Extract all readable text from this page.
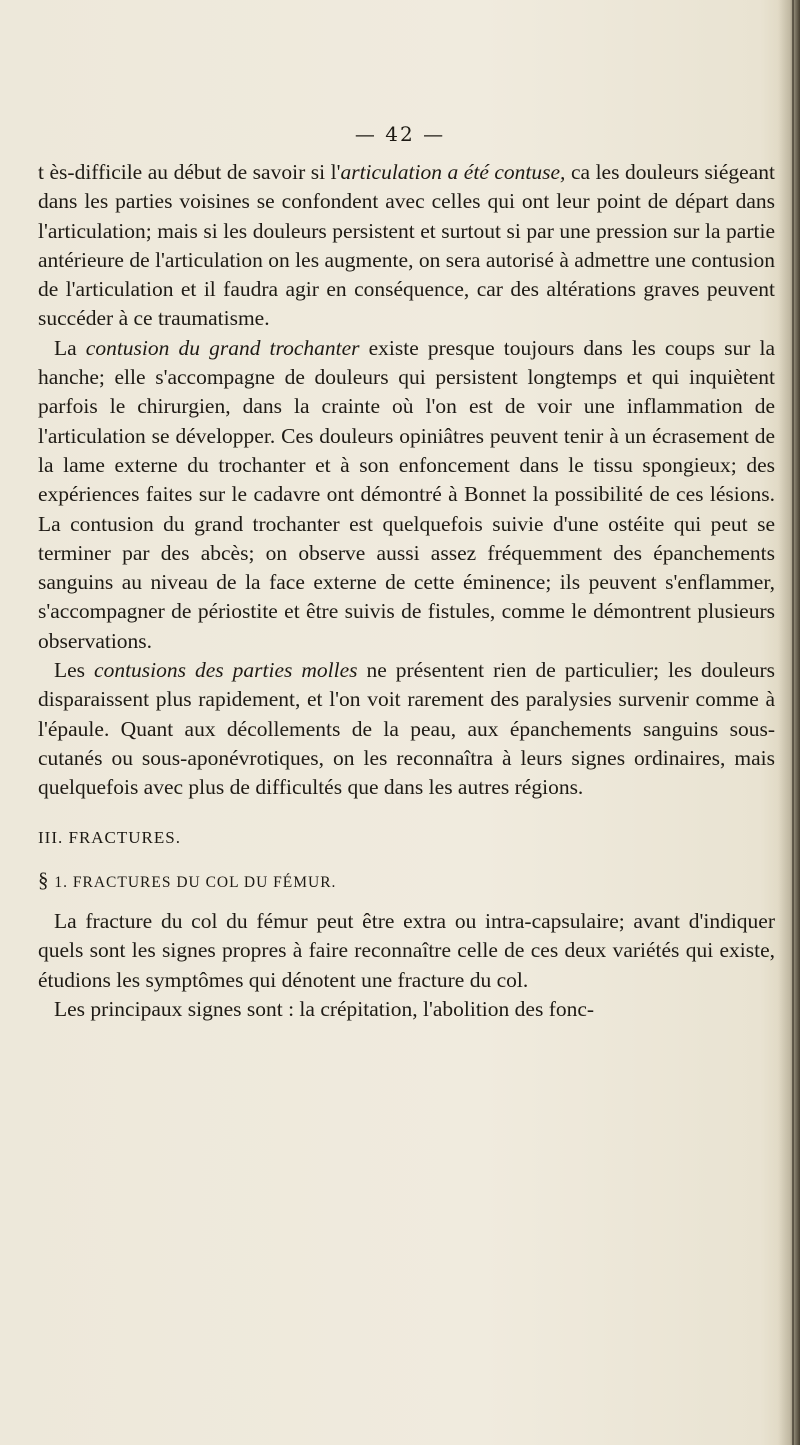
— 42 —

t ès-difficile au début de savoir si l'articulation a été contuse, ca les douleurs siégeant dans les parties voisines se confondent avec celles qui ont leur point de départ dans l'articulation; mais si les douleurs persistent et surtout si par une pression sur la partie antérieure de l'articulation on les augmente, on sera autorisé à admettre une contusion de l'articulation et il faudra agir en conséquence, car des altérations graves peuvent succéder à ce traumatisme.

La contusion du grand trochanter existe presque toujours dans les coups sur la hanche; elle s'accompagne de douleurs qui persistent longtemps et qui inquiètent parfois le chirurgien, dans la crainte où l'on est de voir une inflammation de l'articulation se développer. Ces douleurs opiniâtres peuvent tenir à un écrasement de la lame externe du trochanter et à son enfoncement dans le tissu spongieux; des expériences faites sur le cadavre ont démontré à Bonnet la possibilité de ces lésions. La contusion du grand trochanter est quelquefois suivie d'une ostéite qui peut se terminer par des abcès; on observe aussi assez fréquemment des épanchements sanguins au niveau de la face externe de cette éminence; ils peuvent s'enflammer, s'accompagner de périostite et être suivis de fistules, comme le démontrent plusieurs observations.

Les contusions des parties molles ne présentent rien de particulier; les douleurs disparaissent plus rapidement, et l'on voit rarement des paralysies survenir comme à l'épaule. Quant aux décollements de la peau, aux épanchements sanguins sous-cutanés ou sous-aponévrotiques, on les reconnaîtra à leurs signes ordinaires, mais quelquefois avec plus de difficultés que dans les autres régions.

III. FRACTURES.

§ 1. FRACTURES DU COL DU FÉMUR.

La fracture du col du fémur peut être extra ou intra-capsulaire; avant d'indiquer quels sont les signes propres à faire reconnaître celle de ces deux variétés qui existe, étudions les symptômes qui dénotent une fracture du col.

Les principaux signes sont : la crépitation, l'abolition des fonc-
